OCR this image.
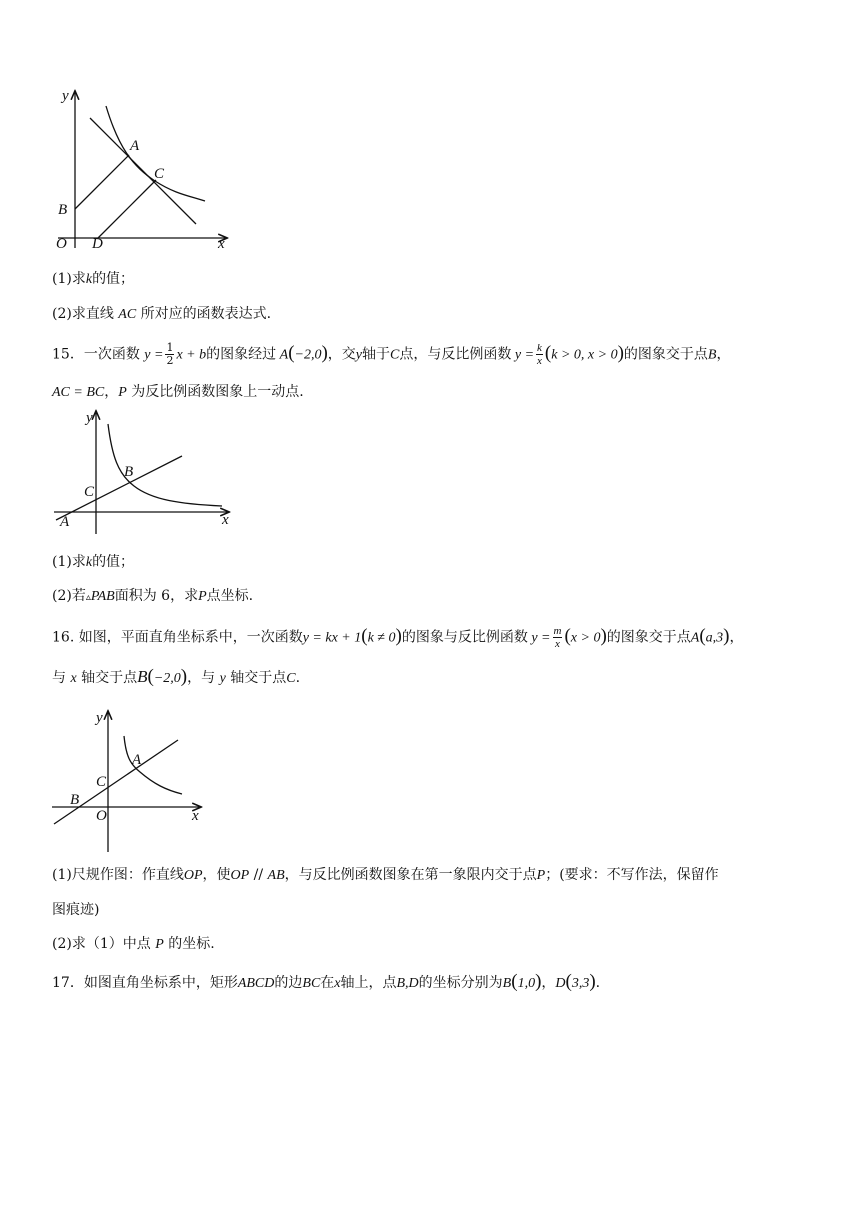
y
x
O
A
B
C
D
(1)求k的值；
(2)求直线 AC 所对应的函数表达式.
15．一次函数 $y = \frac{1}{2}$ x + b的图象经过 A(−2,0)，交y轴于C点，与反比例函数 $y = \frac{k}{x} (k > 0$, x > 0)的图象交于点B，
AC = BC，P 为反比例函数图象上一动点.
y
x
A
B
C
(1)求k的值；
(2)若▵PAB面积为 6，求P点坐标.
16. 如图，平面直角坐标系中，一次函数y = kx + 1(k ≠ 0)的图象与反比例函数 $y = \frac{m}{x} (x > 0)$的图象交于点A(a,3)，
与 x 轴交于点B(−2,0)，与 y 轴交于点C.
y
x
O
A
B
C
(1)尺规作图：作直线OP，使OP // AB，与反比例函数图象在第一象限内交于点P；(要求：不写作法，保留作
图痕迹)
(2)求（1）中点 P 的坐标.
17．如图直角坐标系中，矩形ABCD的边BC在x轴上，点B,D的坐标分别为B(1,0)，D(3,3).
